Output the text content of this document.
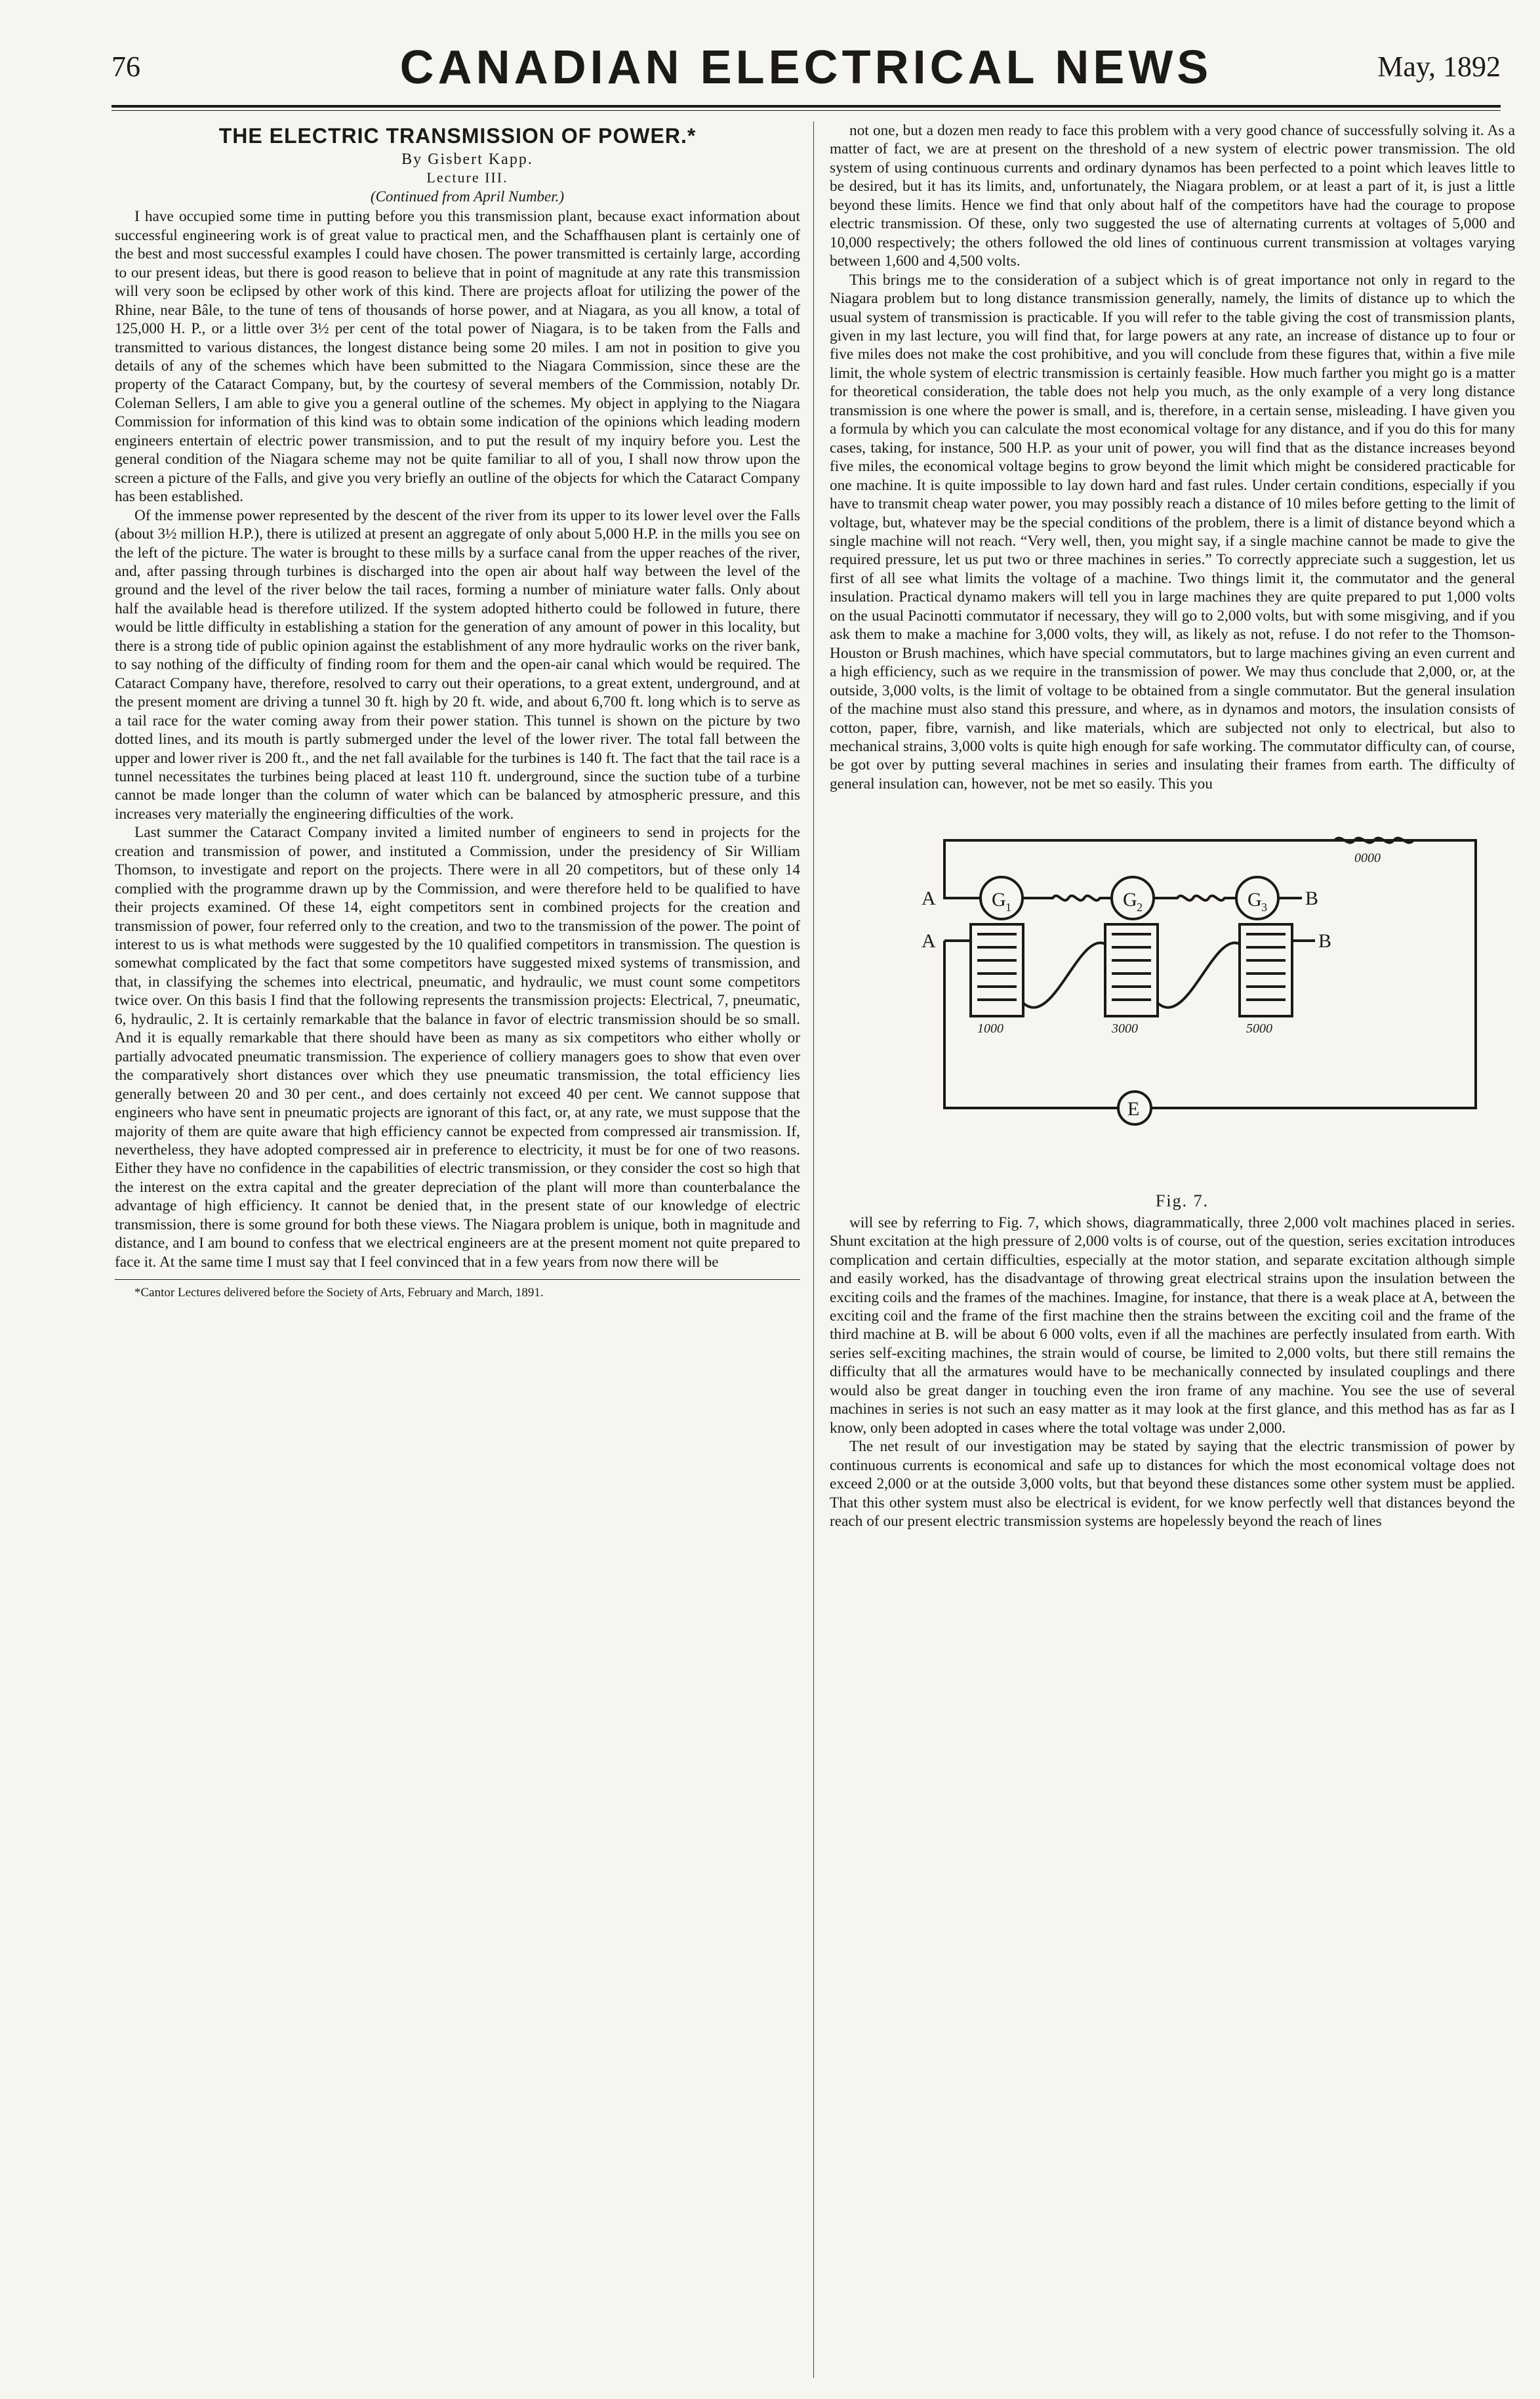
76	CANADIAN ELECTRICAL NEWS	May, 1892
THE ELECTRIC TRANSMISSION OF POWER.*

By Gisbert Kapp.

Lecture III.

(Continued from April Number.)

I have occupied some time in putting before you this transmission plant, because exact information about successful engineering work is of great value to practical men, and the Schaffhausen plant is certainly one of the best and most successful examples I could have chosen. The power transmitted is certainly large, according to our present ideas, but there is good reason to believe that in point of magnitude at any rate this transmission will very soon be eclipsed by other work of this kind. There are projects afloat for utilizing the power of the Rhine, near Bâle, to the tune of tens of thousands of horse power, and at Niagara, as you all know, a total of 125,000 H. P., or a little over 3½ per cent of the total power of Niagara, is to be taken from the Falls and transmitted to various distances, the longest distance being some 20 miles. I am not in position to give you details of any of the schemes which have been submitted to the Niagara Commission, since these are the property of the Cataract Company, but, by the courtesy of several members of the Commission, notably Dr. Coleman Sellers, I am able to give you a general outline of the schemes. My object in applying to the Niagara Commission for information of this kind was to obtain some indication of the opinions which leading modern engineers entertain of electric power transmission, and to put the result of my inquiry before you. Lest the general condition of the Niagara scheme may not be quite familiar to all of you, I shall now throw upon the screen a picture of the Falls, and give you very briefly an outline of the objects for which the Cataract Company has been established.

Of the immense power represented by the descent of the river from its upper to its lower level over the Falls (about 3½ million H.P.), there is utilized at present an aggregate of only about 5,000 H.P. in the mills you see on the left of the picture. The water is brought to these mills by a surface canal from the upper reaches of the river, and, after passing through turbines is discharged into the open air about half way between the level of the ground and the level of the river below the tail races, forming a number of miniature water falls. Only about half the available head is therefore utilized. If the system adopted hitherto could be followed in future, there would be little difficulty in establishing a station for the generation of any amount of power in this locality, but there is a strong tide of public opinion against the establishment of any more hydraulic works on the river bank, to say nothing of the difficulty of finding room for them and the open-air canal which would be required. The Cataract Company have, therefore, resolved to carry out their operations, to a great extent, underground, and at the present moment are driving a tunnel 30 ft. high by 20 ft. wide, and about 6,700 ft. long which is to serve as a tail race for the water coming away from their power station. This tunnel is shown on the picture by two dotted lines, and its mouth is partly submerged under the level of the lower river. The total fall between the upper and lower river is 200 ft., and the net fall available for the turbines is 140 ft. The fact that the tail race is a tunnel necessitates the turbines being placed at least 110 ft. underground, since the suction tube of a turbine cannot be made longer than the column of water which can be balanced by atmospheric pressure, and this increases very materially the engineering difficulties of the work.

Last summer the Cataract Company invited a limited number of engineers to send in projects for the creation and transmission of power, and instituted a Commission, under the presidency of Sir William Thomson, to investigate and report on the projects. There were in all 20 competitors, but of these only 14 complied with the programme drawn up by the Commission, and were therefore held to be qualified to have their projects examined. Of these 14, eight competitors sent in combined projects for the creation and transmission of power, four referred only to the creation, and two to the transmission of the power. The point of interest to us is what methods were suggested by the 10 qualified competitors in transmission. The question is somewhat complicated by the fact that some competitors have suggested mixed systems of transmission, and that, in classifying the schemes into electrical, pneumatic, and hydraulic, we must count some competitors twice over. On this basis I find that the following represents the transmission projects: Electrical, 7, pneumatic, 6, hydraulic, 2. It is certainly remarkable that the balance in favor of electric transmission should be so small. And it is equally remarkable that there should have been as many as six competitors who either wholly or partially advocated pneumatic transmission. The experience of colliery managers goes to show that even over the comparatively short distances over which they use pneumatic transmission, the total efficiency lies generally between 20 and 30 per cent., and does certainly not exceed 40 per cent. We cannot suppose that engineers who have sent in pneumatic projects are ignorant of this fact, or, at any rate, we must suppose that the majority of them are quite aware that high efficiency cannot be expected from compressed air transmission. If, nevertheless, they have adopted compressed air in preference to electricity, it must be for one of two reasons. Either they have no confidence in the capabilities of electric transmission, or they consider the cost so high that the interest on the extra capital and the greater depreciation of the plant will more than counterbalance the advantage of high efficiency. It cannot be denied that, in the present state of our knowledge of electric transmission, there is some ground for both these views. The Niagara problem is unique, both in magnitude and distance, and I am bound to confess that we electrical engineers are at the present moment not quite prepared to face it. At the same time I must say that I feel convinced that in a few years from now there will be

*Cantor Lectures delivered before the Society of Arts, February and March, 1891.

not one, but a dozen men ready to face this problem with a very good chance of successfully solving it. As a matter of fact, we are at present on the threshold of a new system of electric power transmission. The old system of using continuous currents and ordinary dynamos has been perfected to a point which leaves little to be desired, but it has its limits, and, unfortunately, the Niagara problem, or at least a part of it, is just a little beyond these limits. Hence we find that only about half of the competitors have had the courage to propose electric transmission. Of these, only two suggested the use of alternating currents at voltages of 5,000 and 10,000 respectively; the others followed the old lines of continuous current transmission at voltages varying between 1,600 and 4,500 volts.

This brings me to the consideration of a subject which is of great importance not only in regard to the Niagara problem but to long distance transmission generally, namely, the limits of distance up to which the usual system of transmission is practicable. If you will refer to the table giving the cost of transmission plants, given in my last lecture, you will find that, for large powers at any rate, an increase of distance up to four or five miles does not make the cost prohibitive, and you will conclude from these figures that, within a five mile limit, the whole system of electric transmission is certainly feasible. How much farther you might go is a matter for theoretical consideration, the table does not help you much, as the only example of a very long distance transmission is one where the power is small, and is, therefore, in a certain sense, misleading. I have given you a formula by which you can calculate the most economical voltage for any distance, and if you do this for many cases, taking, for instance, 500 H.P. as your unit of power, you will find that as the distance increases beyond five miles, the economical voltage begins to grow beyond the limit which might be considered practicable for one machine. It is quite impossible to lay down hard and fast rules. Under certain conditions, especially if you have to transmit cheap water power, you may possibly reach a distance of 10 miles before getting to the limit of voltage, but, whatever may be the special conditions of the problem, there is a limit of distance beyond which a single machine will not reach. “Very well, then, you might say, if a single machine cannot be made to give the required pressure, let us put two or three machines in series.” To correctly appreciate such a suggestion, let us first of all see what limits the voltage of a machine. Two things limit it, the commutator and the general insulation. Practical dynamo makers will tell you in large machines they are quite prepared to put 1,000 volts on the usual Pacinotti commutator if necessary, they will go to 2,000 volts, but with some misgiving, and if you ask them to make a machine for 3,000 volts, they will, as likely as not, refuse. I do not refer to the Thomson-Houston or Brush machines, which have special commutators, but to large machines giving an even current and a high efficiency, such as we require in the transmission of power. We may thus conclude that 2,000, or, at the outside, 3,000 volts, is the limit of voltage to be obtained from a single commutator. But the general insulation of the machine must also stand this pressure, and where, as in dynamos and motors, the insulation consists of cotton, paper, fibre, varnish, and like materials, which are subjected not only to electrical, but also to mechanical strains, 3,000 volts is quite high enough for safe working. The commutator difficulty can, of course, be got over by putting several machines in series and insulating their frames from earth. The difficulty of general insulation can, however, not be met so easily. This you

A
A
B
B
G 1	G 2	G 3
E
1000	3000	5000
0000

Fig. 7.

will see by referring to Fig. 7, which shows, diagrammatically, three 2,000 volt machines placed in series. Shunt excitation at the high pressure of 2,000 volts is of course, out of the question, series excitation introduces complication and certain difficulties, especially at the motor station, and separate excitation although simple and easily worked, has the disadvantage of throwing great electrical strains upon the insulation between the exciting coils and the frames of the machines. Imagine, for instance, that there is a weak place at A, between the exciting coil and the frame of the first machine then the strains between the exciting coil and the frame of the third machine at B. will be about 6 000 volts, even if all the machines are perfectly insulated from earth. With series self-exciting machines, the strain would of course, be limited to 2,000 volts, but there still remains the difficulty that all the armatures would have to be mechanically connected by insulated couplings and there would also be great danger in touching even the iron frame of any machine. You see the use of several machines in series is not such an easy matter as it may look at the first glance, and this method has as far as I know, only been adopted in cases where the total voltage was under 2,000.

The net result of our investigation may be stated by saying that the electric transmission of power by continuous currents is economical and safe up to distances for which the most economical voltage does not exceed 2,000 or at the outside 3,000 volts, but that beyond these distances some other system must be applied. That this other system must also be electrical is evident, for we know perfectly well that distances beyond the reach of our present electric transmission systems are hopelessly beyond the reach of lines
